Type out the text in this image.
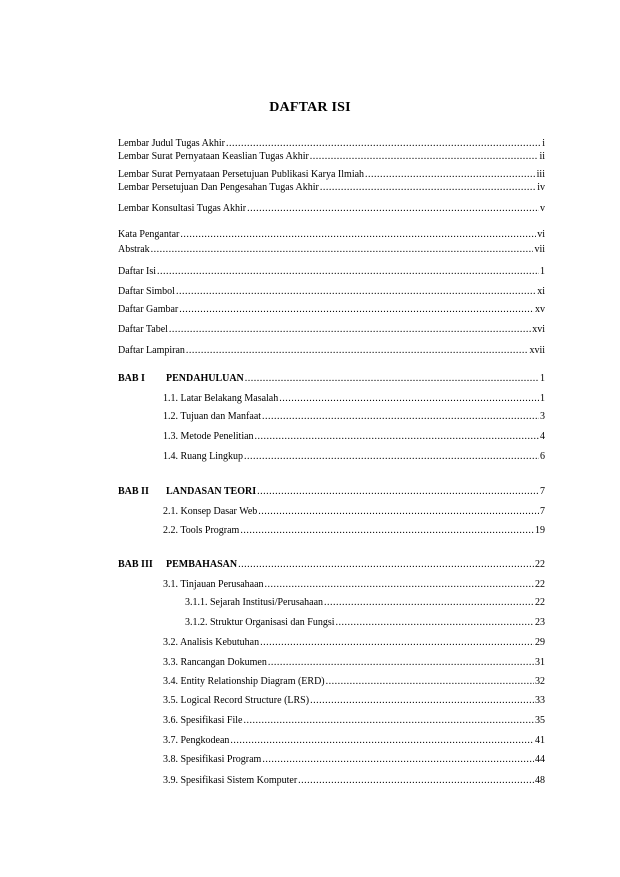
DAFTAR ISI
Lembar Judul Tugas Akhir .....	i
Lembar Surat Pernyataan Keaslian Tugas Akhir .....	ii
Lembar Surat Pernyataan Persetujuan Publikasi Karya Ilmiah .....	iii
Lembar Persetujuan Dan Pengesahan Tugas Akhir .....	iv
Lembar Konsultasi Tugas Akhir .....	v
Kata Pengantar .....	vi
Abstrak .....	vii
Daftar Isi .....	1
Daftar Simbol .....	xi
Daftar Gambar .....	xv
Daftar Tabel .....	xvi
Daftar Lampiran .....	xvii
BAB I PENDAHULUAN .....	1
1.1. Latar Belakang Masalah .....	1
1.2. Tujuan dan Manfaat .....	3
1.3. Metode Penelitian .....	4
1.4. Ruang Lingkup .....	6
BAB II LANDASAN TEORI .....	7
2.1. Konsep Dasar Web .....	7
2.2. Tools Program .....	19
BAB III PEMBAHASAN .....	22
3.1. Tinjauan Perusahaan .....	22
3.1.1. Sejarah Institusi/Perusahaan .....	22
3.1.2. Struktur Organisasi dan Fungsi .....	23
3.2. Analisis Kebutuhan .....	29
3.3. Rancangan Dokumen .....	31
3.4. Entity Relationship Diagram (ERD) .....	32
3.5. Logical Record Structure (LRS) .....	33
3.6. Spesifikasi File .....	35
3.7. Pengkodean .....	41
3.8. Spesifikasi Program .....	44
3.9. Spesifikasi Sistem Komputer .....	48
